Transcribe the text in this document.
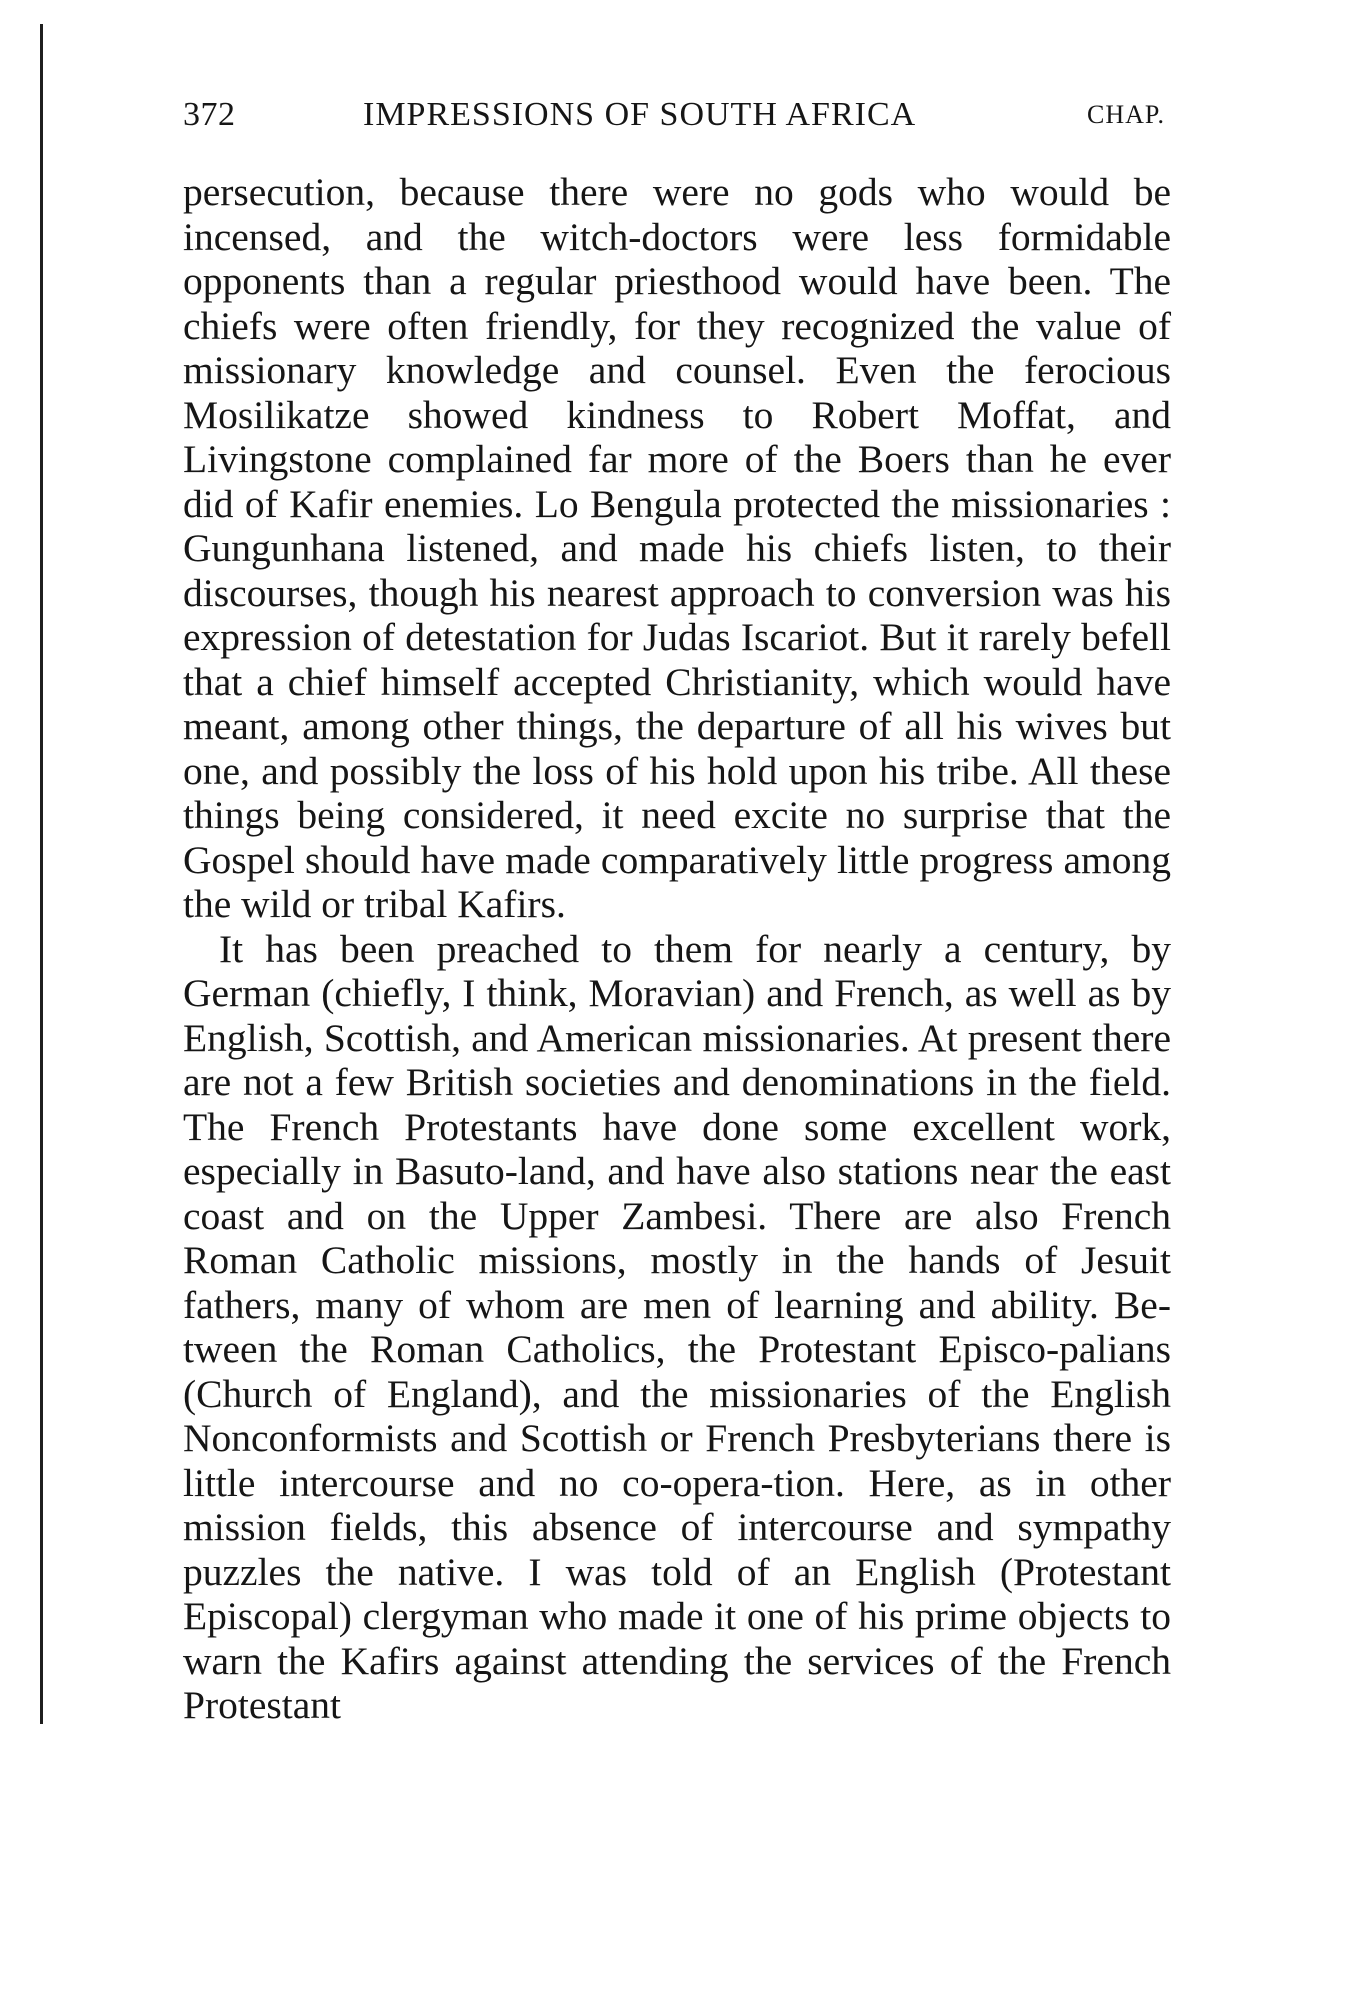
372	IMPRESSIONS OF SOUTH AFRICA	CHAP.

persecution, because there were no gods who would be incensed, and the witch-doctors were less formidable opponents than a regular priesthood would have been. The chiefs were often friendly, for they recognized the value of missionary knowledge and counsel. Even the ferocious Mosilikatze showed kindness to Robert Moffat, and Livingstone complained far more of the Boers than he ever did of Kafir enemies. Lo Bengula protected the missionaries : Gungunhana listened, and made his chiefs listen, to their discourses, though his nearest approach to conversion was his expression of detestation for Judas Iscariot. But it rarely befell that a chief himself accepted Christianity, which would have meant, among other things, the departure of all his wives but one, and possibly the loss of his hold upon his tribe. All these things being considered, it need excite no surprise that the Gospel should have made comparatively little progress among the wild or tribal Kafirs.

It has been preached to them for nearly a century, by German (chiefly, I think, Moravian) and French, as well as by English, Scottish, and American missionaries. At present there are not a few British societies and denominations in the field. The French Protestants have done some excellent work, especially in Basuto-land, and have also stations near the east coast and on the Upper Zambesi. There are also French Roman Catholic missions, mostly in the hands of Jesuit fathers, many of whom are men of learning and ability. Be-tween the Roman Catholics, the Protestant Episco-palians (Church of England), and the missionaries of the English Nonconformists and Scottish or French Presbyterians there is little intercourse and no co-opera-tion. Here, as in other mission fields, this absence of intercourse and sympathy puzzles the native. I was told of an English (Protestant Episcopal) clergyman who made it one of his prime objects to warn the Kafirs against attending the services of the French Protestant
